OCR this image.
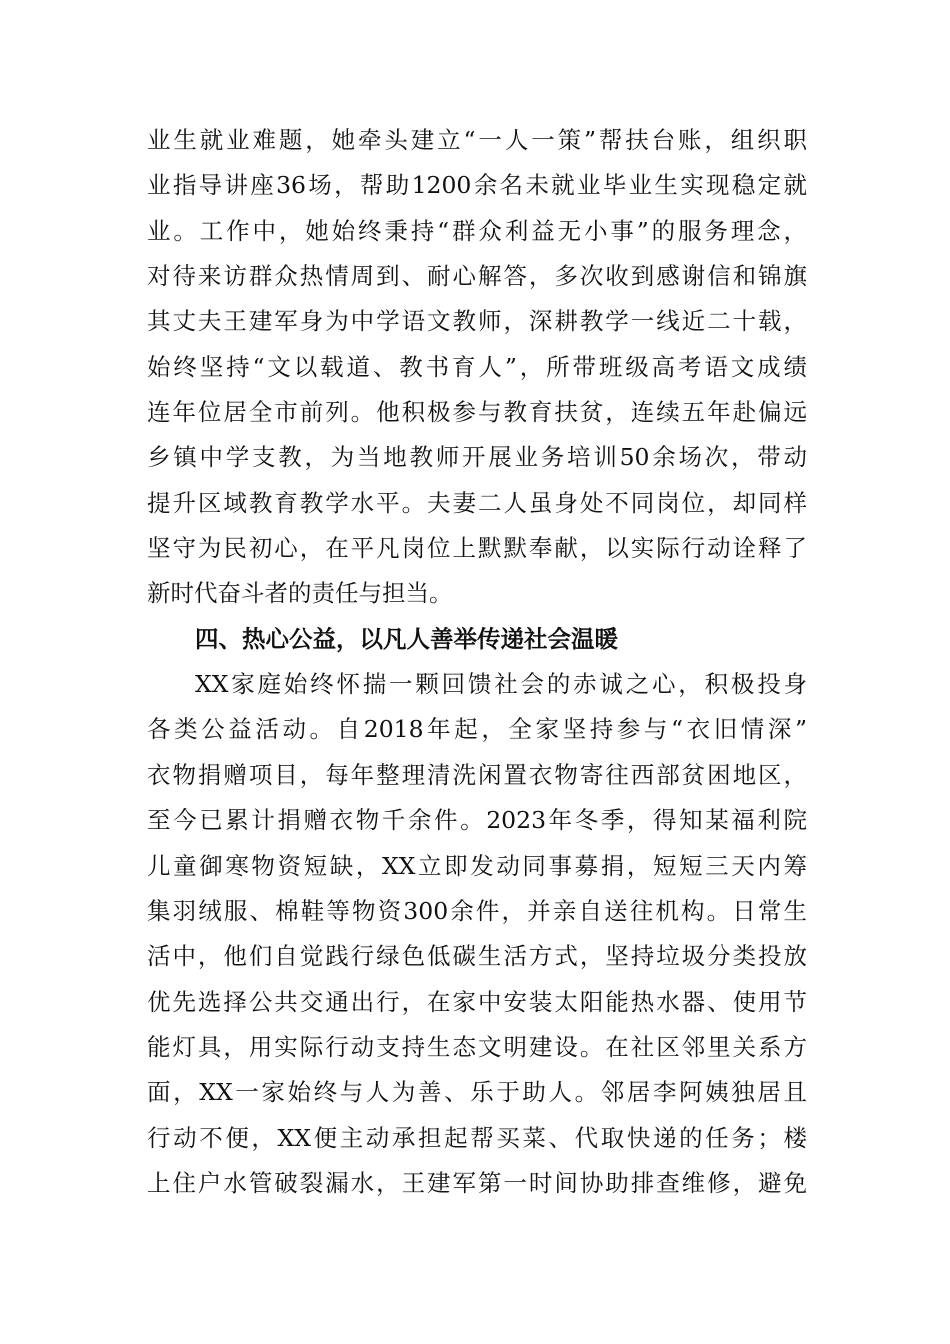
业生就业难题，她牵头建立“一人一策”帮扶台账，组织职
业指导讲座36场，帮助1200余名未就业毕业生实现稳定就
业。工作中，她始终秉持“群众利益无小事”的服务理念，
对待来访群众热情周到、耐心解答，多次收到感谢信和锦旗
其丈夫王建军身为中学语文教师，深耕教学一线近二十载，
始终坚持“文以载道、教书育人”，所带班级高考语文成绩
连年位居全市前列。他积极参与教育扶贫，连续五年赴偏远
乡镇中学支教，为当地教师开展业务培训50余场次，带动
提升区域教育教学水平。夫妻二人虽身处不同岗位，却同样
坚守为民初心，在平凡岗位上默默奉献，以实际行动诠释了
新时代奋斗者的责任与担当。
四、热心公益，以凡人善举传递社会温暖
XX家庭始终怀揣一颗回馈社会的赤诚之心，积极投身
各类公益活动。自2018年起，全家坚持参与“衣旧情深”
衣物捐赠项目，每年整理清洗闲置衣物寄往西部贫困地区，
至今已累计捐赠衣物千余件。2023年冬季，得知某福利院
儿童御寒物资短缺，XX立即发动同事募捐，短短三天内筹
集羽绒服、棉鞋等物资300余件，并亲自送往机构。日常生
活中，他们自觉践行绿色低碳生活方式，坚持垃圾分类投放
优先选择公共交通出行，在家中安装太阳能热水器、使用节
能灯具，用实际行动支持生态文明建设。在社区邻里关系方
面，XX一家始终与人为善、乐于助人。邻居李阿姨独居且
行动不便，XX便主动承担起帮买菜、代取快递的任务；楼
上住户水管破裂漏水，王建军第一时间协助排查维修，避免
